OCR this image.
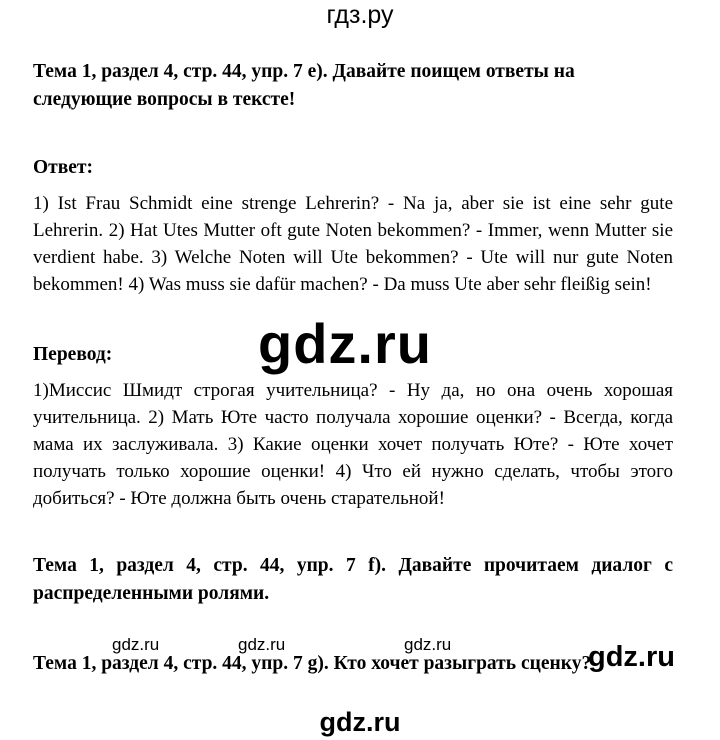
гдз.ру
Тема 1, раздел 4, стр. 44, упр. 7 e). Давайте поищем ответы на следующие вопросы в тексте!
Ответ:
1) Ist Frau Schmidt eine strenge Lehrerin? - Na ja, aber sie ist eine sehr gute Lehrerin. 2) Hat Utes Mutter oft gute Noten bekommen? - Immer, wenn Mutter sie verdient habe. 3) Welche Noten will Ute bekommen? - Ute will nur gute Noten bekommen! 4) Was muss sie dafür machen? - Da muss Ute aber sehr fleißig sein!
gdz.ru
Перевод:
1)Миссис Шмидт строгая учительница? - Ну да, но она очень хорошая учительница. 2) Мать Юте часто получала хорошие оценки? - Всегда, когда мама их заслуживала. 3) Какие оценки хочет получать Юте? - Юте хочет получать только хорошие оценки! 4) Что ей нужно сделать, чтобы этого добиться? - Юте должна быть очень старательной!
Тема 1, раздел 4, стр. 44, упр. 7 f). Давайте прочитаем диалог с распределенными ролями.
gdz.ru	gdz.ru	gdz.ru
Тема 1, раздел 4, стр. 44, упр. 7 g). Кто хочет разыграть сценку?
gdz.ru
gdz.ru
